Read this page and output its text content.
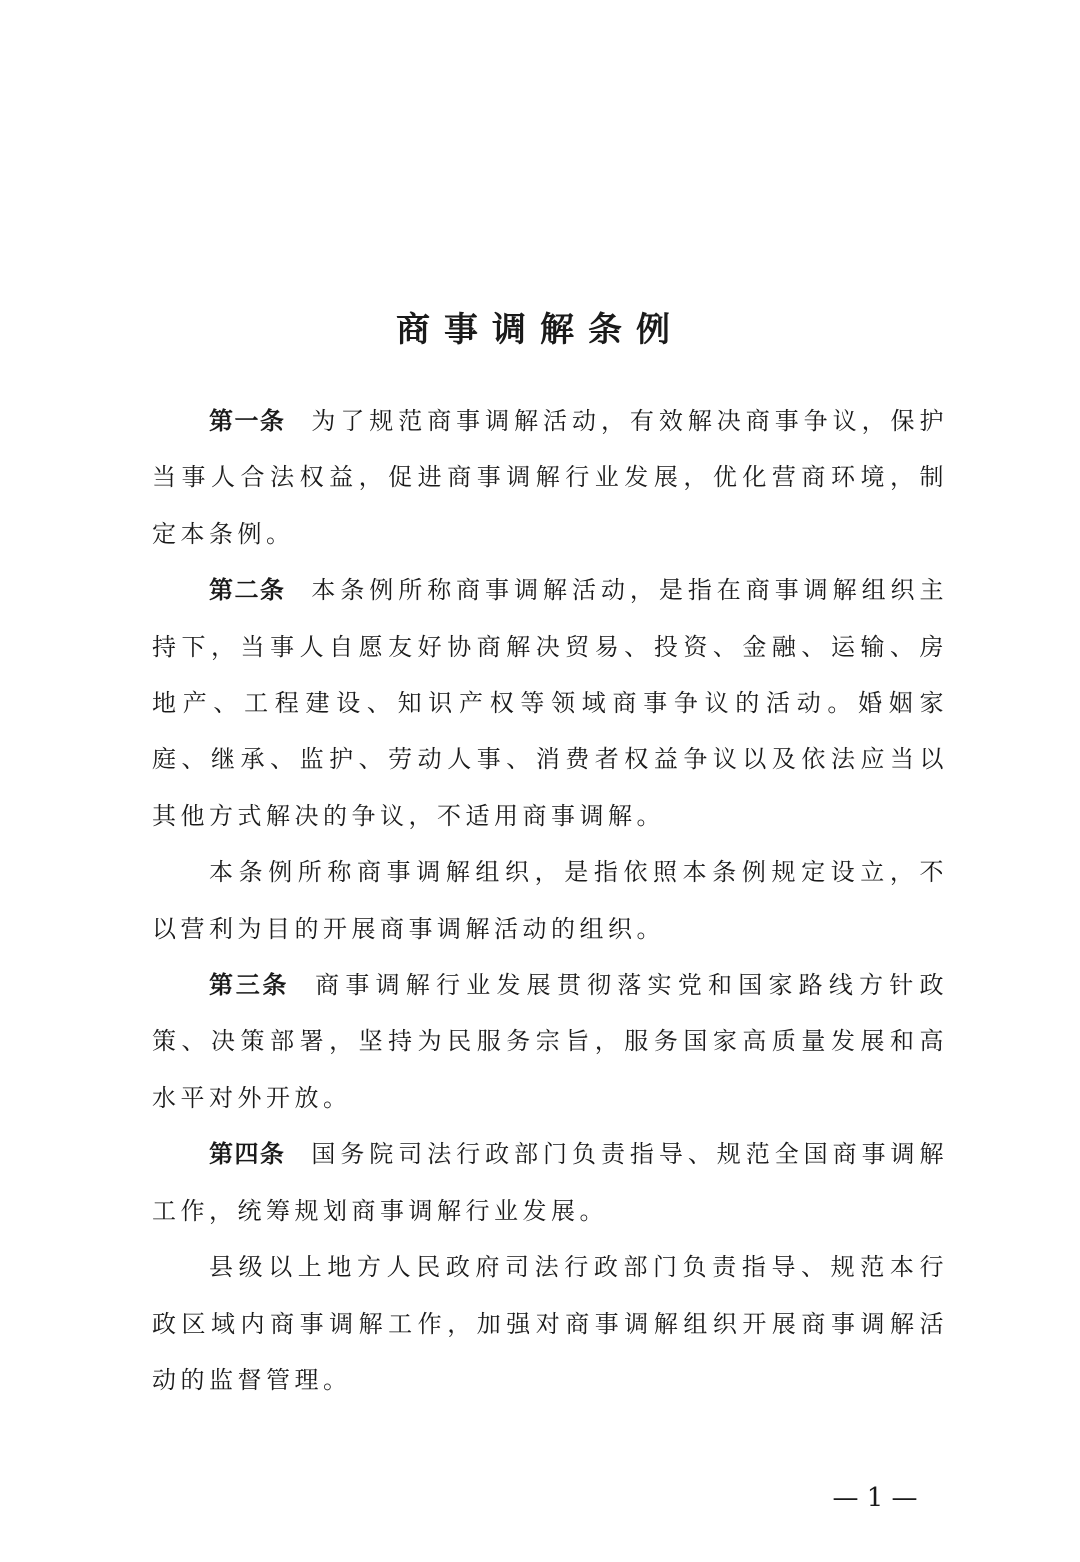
商事调解条例

第一条 为了规范商事调解活动，有效解决商事争议，保护当事人合法权益，促进商事调解行业发展，优化营商环境，制定本条例。

第二条 本条例所称商事调解活动，是指在商事调解组织主持下，当事人自愿友好协商解决贸易、投资、金融、运输、房地产、工程建设、知识产权等领域商事争议的活动。婚姻家庭、继承、监护、劳动人事、消费者权益争议以及依法应当以其他方式解决的争议，不适用商事调解。

本条例所称商事调解组织，是指依照本条例规定设立，不以营利为目的开展商事调解活动的组织。

第三条 商事调解行业发展贯彻落实党和国家路线方针政策、决策部署，坚持为民服务宗旨，服务国家高质量发展和高水平对外开放。

第四条 国务院司法行政部门负责指导、规范全国商事调解工作，统筹规划商事调解行业发展。

县级以上地方人民政府司法行政部门负责指导、规范本行政区域内商事调解工作，加强对商事调解组织开展商事调解活动的监督管理。

— 1 —
